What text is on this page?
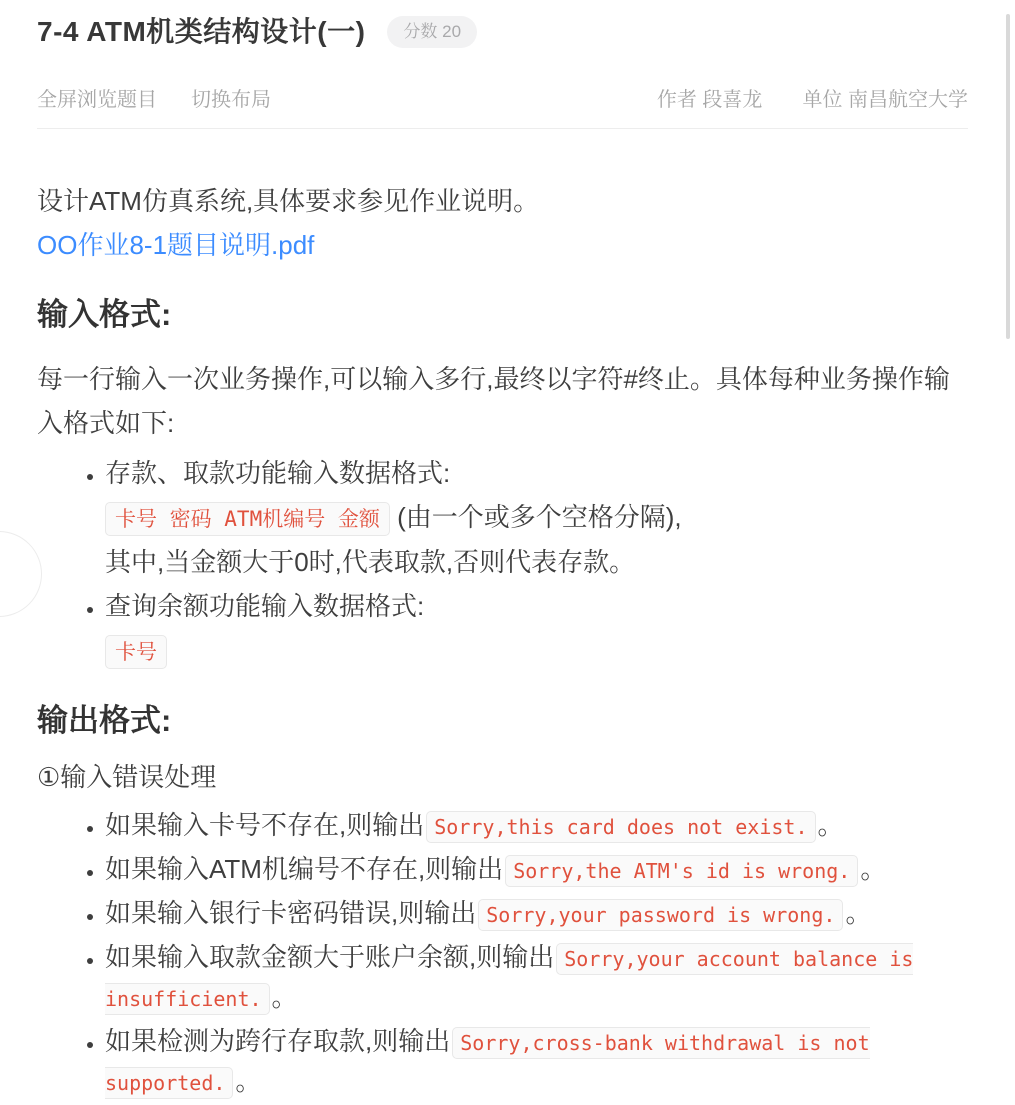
7-4 ATM机类结构设计(一)	分数 20
全屏浏览题目 切换布局	作者 段喜龙 单位 南昌航空大学

设计ATM仿真系统,具体要求参见作业说明。

OO作业8-1题目说明.pdf
输入格式:

每一行输入一次业务操作,可以输入多行,最终以字符#终止。具体每种业务操作输入格式如下:

• 存款、取款功能输入数据格式:
卡号 密码 ATM机编号 金额 (由一个或多个空格分隔),
其中,当金额大于0时,代表取款,否则代表存款。
• 查询余额功能输入数据格式:
卡号
输出格式:

①输入错误处理

• 如果输入卡号不存在,则输出 Sorry,this card does not exist. 。
• 如果输入ATM机编号不存在,则输出 Sorry,the ATM's id is wrong. 。
• 如果输入银行卡密码错误,则输出 Sorry,your password is wrong. 。
• 如果输入取款金额大于账户余额,则输出 Sorry,your account balance is insufficient. 。
• 如果检测为跨行存取款,则输出 Sorry,cross-bank withdrawal is not supported. 。
